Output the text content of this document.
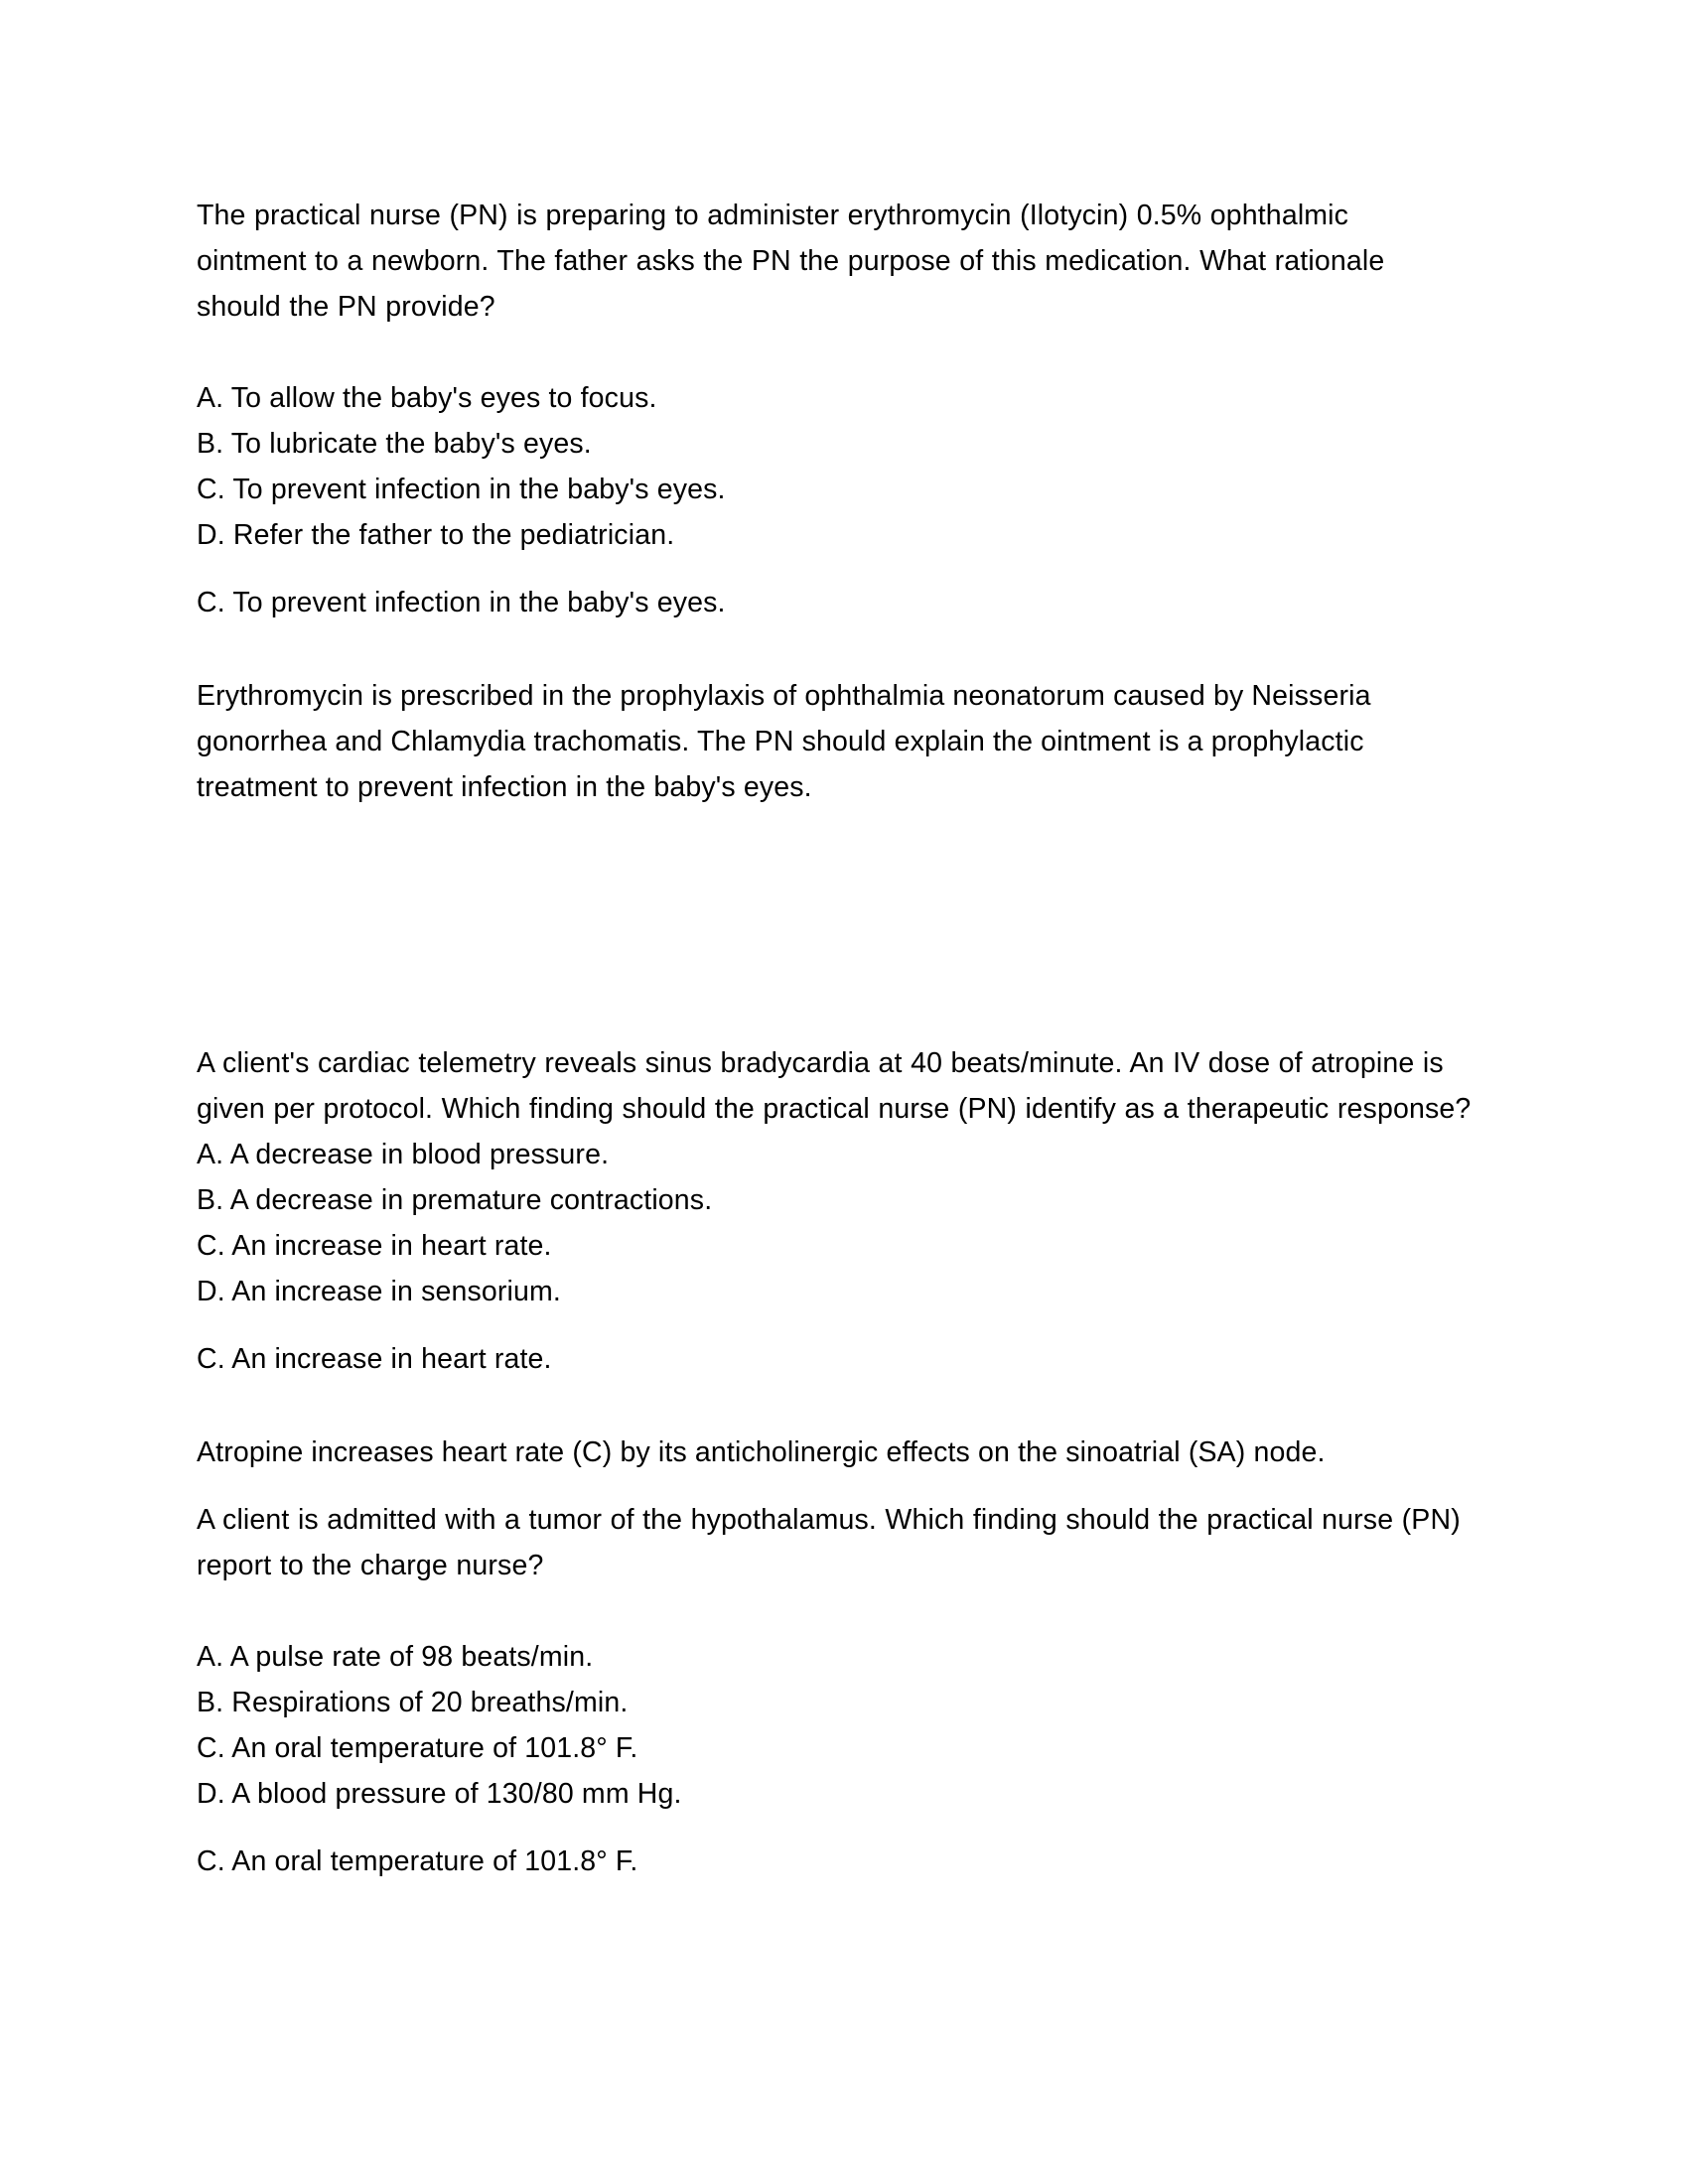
The practical nurse (PN) is preparing to administer erythromycin (Ilotycin) 0.5% ophthalmic ointment to a newborn. The father asks the PN the purpose of this medication. What rationale should the PN provide?

A. To allow the baby's eyes to focus.
B. To lubricate the baby's eyes.
C. To prevent infection in the baby's eyes.
D. Refer the father to the pediatrician.

C. To prevent infection in the baby's eyes.

Erythromycin is prescribed in the prophylaxis of ophthalmia neonatorum caused by Neisseria gonorrhea and Chlamydia trachomatis. The PN should explain the ointment is a prophylactic treatment to prevent infection in the baby's eyes.

A client's cardiac telemetry reveals sinus bradycardia at 40 beats/minute. An IV dose of atropine is given per protocol. Which finding should the practical nurse (PN) identify as a therapeutic response?

A. A decrease in blood pressure.
B. A decrease in premature contractions.
C. An increase in heart rate.
D. An increase in sensorium.

C. An increase in heart rate.

Atropine increases heart rate (C) by its anticholinergic effects on the sinoatrial (SA) node.

A client is admitted with a tumor of the hypothalamus. Which finding should the practical nurse (PN) report to the charge nurse?

A. A pulse rate of 98 beats/min.
B. Respirations of 20 breaths/min.
C. An oral temperature of 101.8° F.
D. A blood pressure of 130/80 mm Hg.

C. An oral temperature of 101.8° F.
